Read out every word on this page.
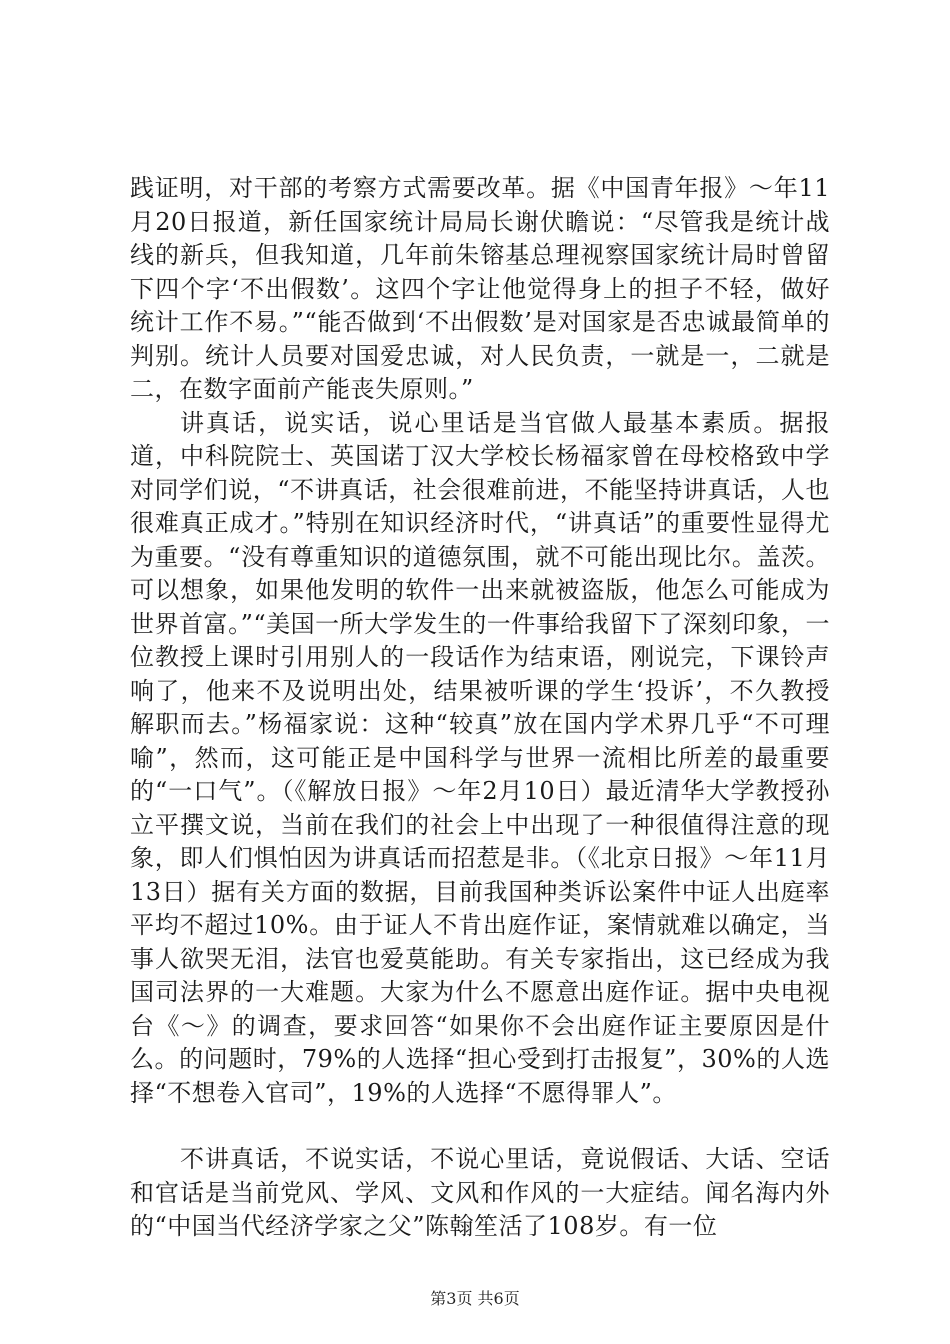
践证明，对干部的考察方式需要改革。据《中国青年报》～年11月20日报道，新任国家统计局局长谢伏瞻说：“尽管我是统计战线的新兵，但我知道，几年前朱镕基总理视察国家统计局时曾留下四个字‘不出假数’。这四个字让他觉得身上的担子不轻，做好统计工作不易。”“能否做到‘不出假数’是对国家是否忠诚最简单的判别。统计人员要对国爱忠诚，对人民负责，一就是一，二就是二，在数字面前产能丧失原则。”

讲真话，说实话，说心里话是当官做人最基本素质。据报道，中科院院士、英国诺丁汉大学校长杨福家曾在母校格致中学对同学们说，“不讲真话，社会很难前进，不能坚持讲真话，人也很难真正成才。”特别在知识经济时代，“讲真话”的重要性显得尤为重要。“没有尊重知识的道德氛围，就不可能出现比尔。盖茨。可以想象，如果他发明的软件一出来就被盗版，他怎么可能成为世界首富。”“美国一所大学发生的一件事给我留下了深刻印象，一位教授上课时引用别人的一段话作为结束语，刚说完，下课铃声响了，他来不及说明出处，结果被听课的学生‘投诉’，不久教授解职而去。”杨福家说：这种“较真”放在国内学术界几乎“不可理喻”，然而，这可能正是中国科学与世界一流相比所差的最重要的“一口气”。（《解放日报》～年2月10日）最近清华大学教授孙立平撰文说，当前在我们的社会上中出现了一种很值得注意的现象，即人们惧怕因为讲真话而招惹是非。（《北京日报》～年11月13日）据有关方面的数据，目前我国种类诉讼案件中证人出庭率平均不超过10%。由于证人不肯出庭作证，案情就难以确定，当事人欲哭无泪，法官也爱莫能助。有关专家指出，这已经成为我国司法界的一大难题。大家为什么不愿意出庭作证。据中央电视台《～》的调查，要求回答“如果你不会出庭作证主要原因是什么。的问题时，79%的人选择“担心受到打击报复”，30%的人选择“不想卷入官司”，19%的人选择“不愿得罪人”。

不讲真话，不说实话，不说心里话，竟说假话、大话、空话和官话是当前党风、学风、文风和作风的一大症结。闻名海内外的“中国当代经济学家之父”陈翰笙活了108岁。有一位

第3页 共6页
